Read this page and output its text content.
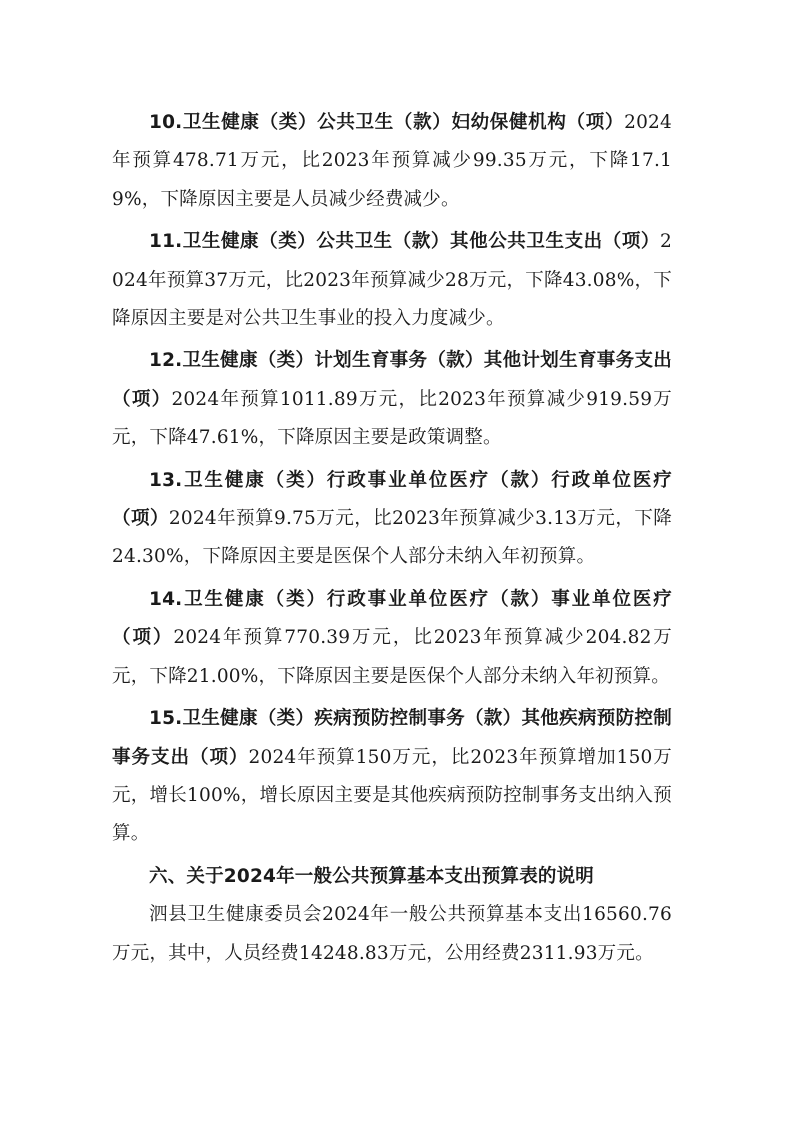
10.卫生健康（类）公共卫生（款）妇幼保健机构（项）2024年预算478.71万元，比2023年预算减少99.35万元，下降17.19%，下降原因主要是人员减少经费减少。

11.卫生健康（类）公共卫生（款）其他公共卫生支出（项）2024年预算37万元，比2023年预算减少28万元，下降43.08%，下降原因主要是对公共卫生事业的投入力度减少。

12.卫生健康（类）计划生育事务（款）其他计划生育事务支出（项）2024年预算1011.89万元，比2023年预算减少919.59万元，下降47.61%，下降原因主要是政策调整。

13.卫生健康（类）行政事业单位医疗（款）行政单位医疗（项）2024年预算9.75万元，比2023年预算减少3.13万元，下降24.30%，下降原因主要是医保个人部分未纳入年初预算。

14.卫生健康（类）行政事业单位医疗（款）事业单位医疗（项）2024年预算770.39万元，比2023年预算减少204.82万元，下降21.00%，下降原因主要是医保个人部分未纳入年初预算。

15.卫生健康（类）疾病预防控制事务（款）其他疾病预防控制事务支出（项）2024年预算150万元，比2023年预算增加150万元，增长100%，增长原因主要是其他疾病预防控制事务支出纳入预算。

六、关于2024年一般公共预算基本支出预算表的说明

泗县卫生健康委员会2024年一般公共预算基本支出16560.76万元，其中，人员经费14248.83万元，公用经费2311.93万元。
